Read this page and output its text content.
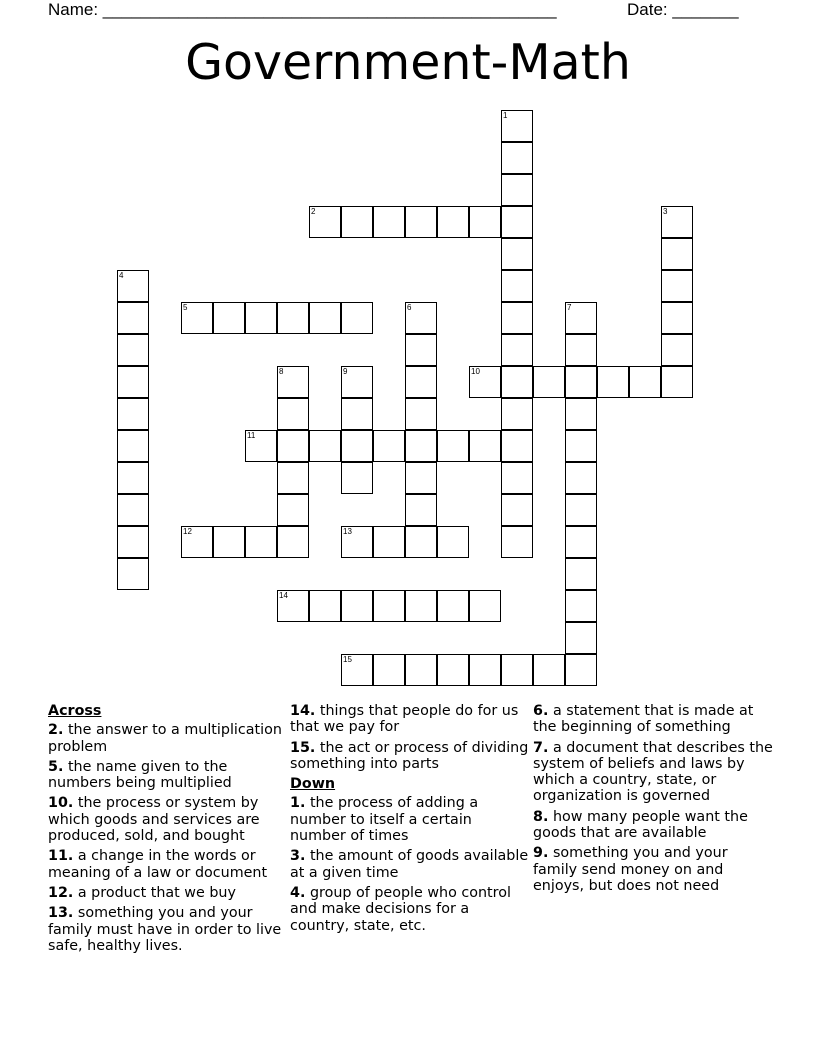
Name: ________________________________________________	Date: _______
Government-Math
1
2	3
4
5	6	7
8	9	10
11
12	13
14
15
Across
2. the answer to a multiplication problem
5. the name given to the numbers being multiplied
10. the process or system by which goods and services are produced, sold, and bought
11. a change in the words or meaning of a law or document
12. a product that we buy
13. something you and your family must have in order to live safe, healthy lives.
14. things that people do for us that we pay for
15. the act or process of dividing something into parts
Down
1. the process of adding a number to itself a certain number of times
3. the amount of goods available at a given time
4. group of people who control and make decisions for a country, state, etc.
6. a statement that is made at the beginning of something
7. a document that describes the system of beliefs and laws by which a country, state, or organization is governed
8. how many people want the goods that are available
9. something you and your family send money on and enjoys, but does not need
